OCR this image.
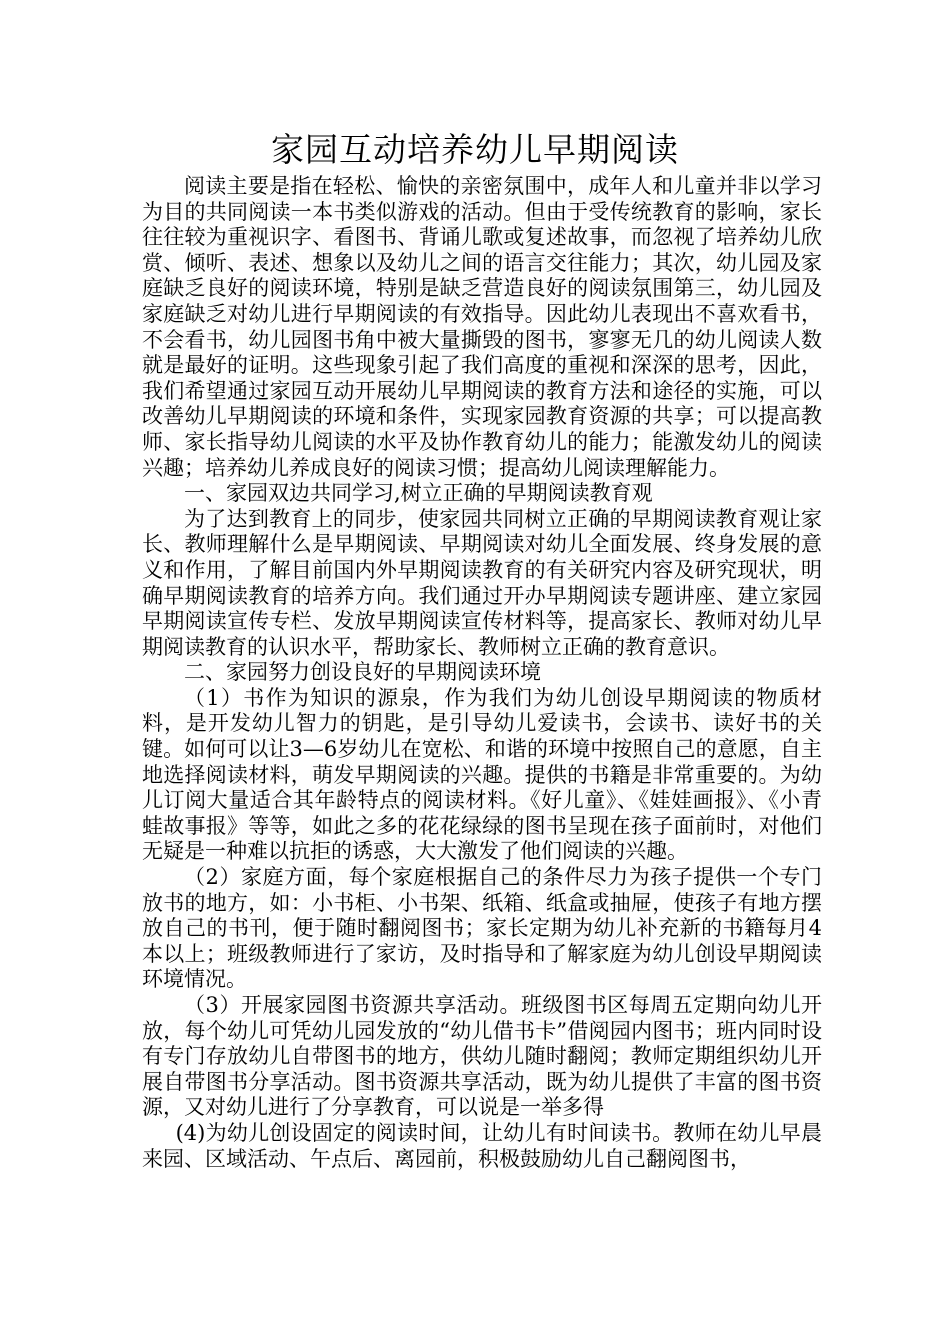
家园互动培养幼儿早期阅读

阅读主要是指在轻松、愉快的亲密氛围中，成年人和儿童并非以学习为目的共同阅读一本书类似游戏的活动。但由于受传统教育的影响，家长往往较为重视识字、看图书、背诵儿歌或复述故事，而忽视了培养幼儿欣赏、倾听、表述、想象以及幼儿之间的语言交往能力；其次，幼儿园及家庭缺乏良好的阅读环境，特别是缺乏营造良好的阅读氛围第三，幼儿园及家庭缺乏对幼儿进行早期阅读的有效指导。因此幼儿表现出不喜欢看书，不会看书，幼儿园图书角中被大量撕毁的图书，寥寥无几的幼儿阅读人数就是最好的证明。这些现象引起了我们高度的重视和深深的思考，因此，我们希望通过家园互动开展幼儿早期阅读的教育方法和途径的实施，可以改善幼儿早期阅读的环境和条件，实现家园教育资源的共享；可以提高教师、家长指导幼儿阅读的水平及协作教育幼儿的能力；能激发幼儿的阅读兴趣；培养幼儿养成良好的阅读习惯；提高幼儿阅读理解能力。

一、家园双边共同学习,树立正确的早期阅读教育观

为了达到教育上的同步，使家园共同树立正确的早期阅读教育观让家长、教师理解什么是早期阅读、早期阅读对幼儿全面发展、终身发展的意义和作用，了解目前国内外早期阅读教育的有关研究内容及研究现状，明确早期阅读教育的培养方向。我们通过开办早期阅读专题讲座、建立家园早期阅读宣传专栏、发放早期阅读宣传材料等，提高家长、教师对幼儿早期阅读教育的认识水平，帮助家长、教师树立正确的教育意识。

二、家园努力创设良好的早期阅读环境

（1）书作为知识的源泉，作为我们为幼儿创设早期阅读的物质材料，是开发幼儿智力的钥匙，是引导幼儿爱读书，会读书、读好书的关键。如何可以让3—6岁幼儿在宽松、和谐的环境中按照自己的意愿，自主地选择阅读材料，萌发早期阅读的兴趣。提供的书籍是非常重要的。为幼儿订阅大量适合其年龄特点的阅读材料。《好儿童》、《娃娃画报》、《小青蛙故事报》等等，如此之多的花花绿绿的图书呈现在孩子面前时，对他们无疑是一种难以抗拒的诱惑，大大激发了他们阅读的兴趣。

（2）家庭方面，每个家庭根据自己的条件尽力为孩子提供一个专门放书的地方，如：小书柜、小书架、纸箱、纸盒或抽屉，使孩子有地方摆放自己的书刊，便于随时翻阅图书；家长定期为幼儿补充新的书籍每月4本以上；班级教师进行了家访，及时指导和了解家庭为幼儿创设早期阅读环境情况。

（3）开展家园图书资源共享活动。班级图书区每周五定期向幼儿开放，每个幼儿可凭幼儿园发放的“幼儿借书卡”借阅园内图书；班内同时设有专门存放幼儿自带图书的地方，供幼儿随时翻阅；教师定期组织幼儿开展自带图书分享活动。图书资源共享活动，既为幼儿提供了丰富的图书资源，又对幼儿进行了分享教育，可以说是一举多得

(4)为幼儿创设固定的阅读时间，让幼儿有时间读书。教师在幼儿早晨来园、区域活动、午点后、离园前，积极鼓励幼儿自己翻阅图书，
